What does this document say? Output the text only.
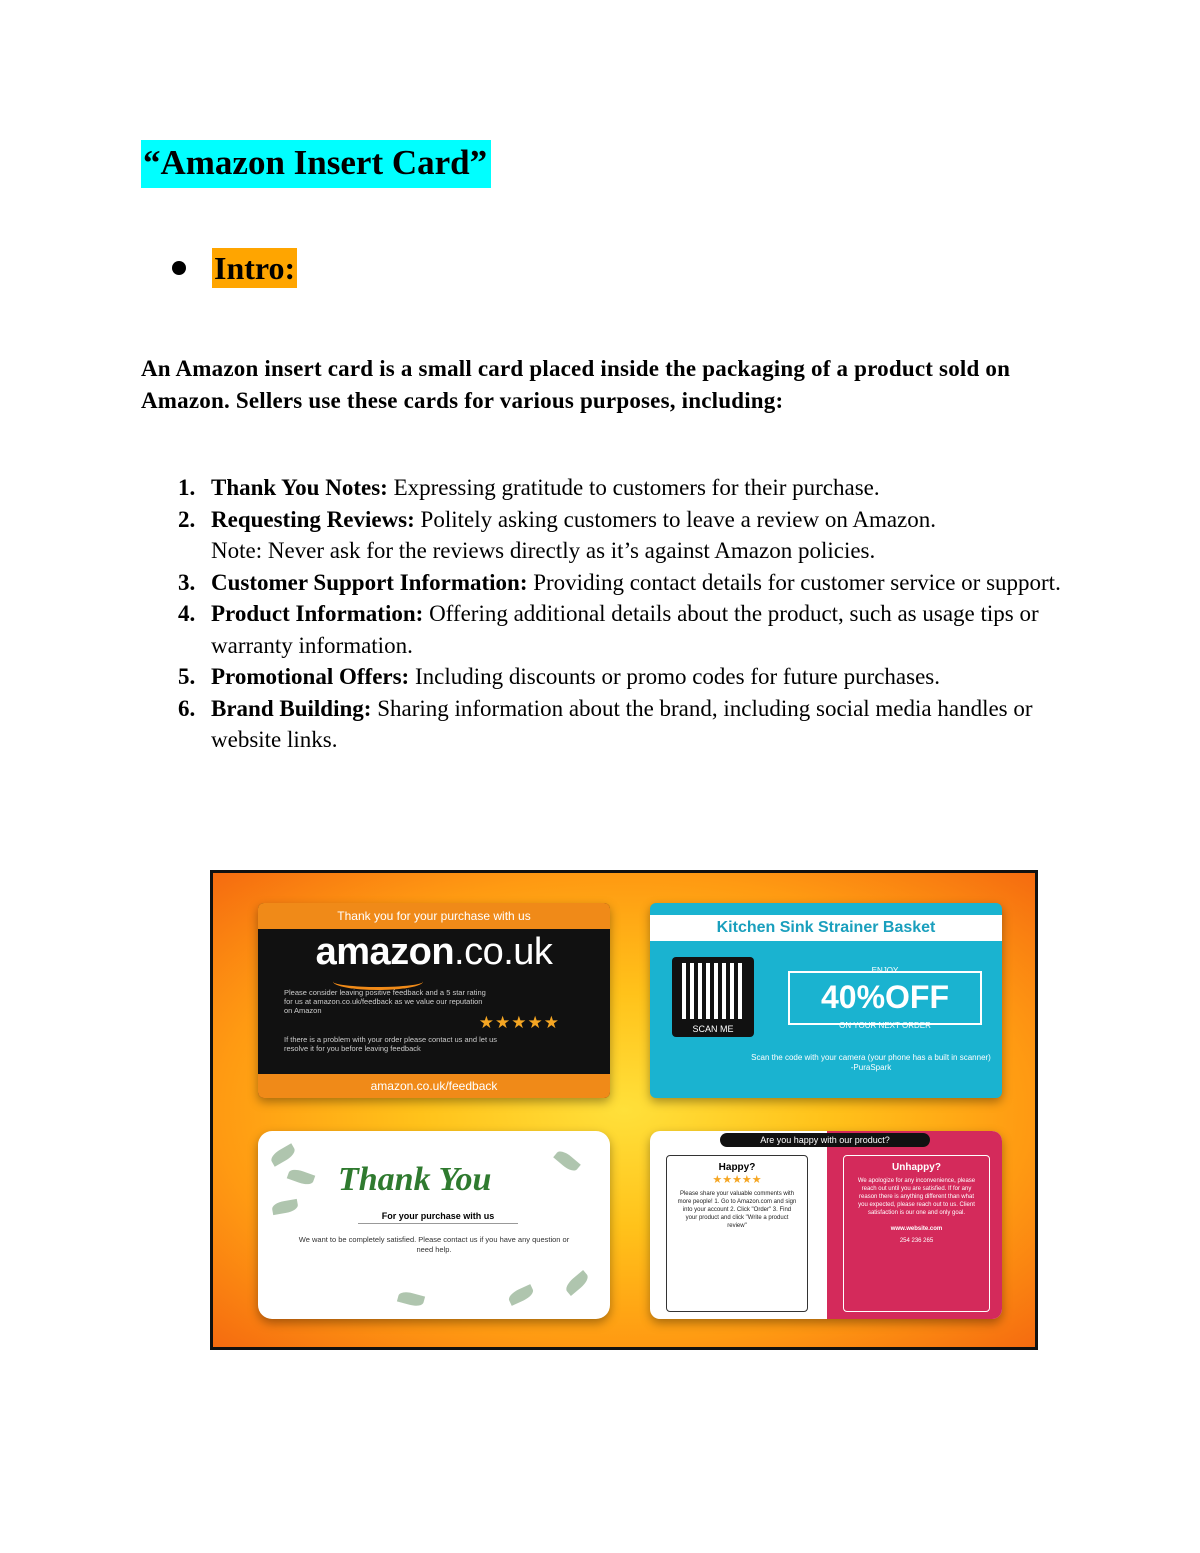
“Amazon Insert Card”
Intro:

An Amazon insert card is a small card placed inside the packaging of a product sold on Amazon. Sellers use these cards for various purposes, including:

1. Thank You Notes: Expressing gratitude to customers for their purchase.
2. Requesting Reviews: Politely asking customers to leave a review on Amazon.
Note: Never ask for the reviews directly as it’s against Amazon policies.
3. Customer Support Information: Providing contact details for customer service or support.
4. Product Information: Offering additional details about the product, such as usage tips or warranty information.
5. Promotional Offers: Including discounts or promo codes for future purchases.
6. Brand Building: Sharing information about the brand, including social media handles or website links.
Thank you for your purchase with us
amazon.co.uk
Please consider leaving positive feedback and a 5 star rating for us at amazon.co.uk/feedback as we value our reputation on Amazon
★★★★★
If there is a problem with your order please contact us and let us resolve it for you before leaving feedback
amazon.co.uk/feedback
Kitchen Sink Strainer Basket
SCAN ME
ENJOY
40%OFF
ON YOUR NEXT ORDER
Scan the code with your camera (your phone has a built in scanner) -PuraSpark
Thank You
For your purchase with us
We want to be completely satisfied. Please contact us if you have any question or need help.
Are you happy with our product?
Happy?
★★★★★
Please share your valuable comments with more people! 1. Go to Amazon.com and sign into your account 2. Click "Order" 3. Find your product and click "Write a product review"
Unhappy?
We apologize for any inconvenience, please reach out until you are satisfied. If for any reason there is anything different than what you expected, please reach out to us. Client satisfaction is our one and only goal.
www.website.com
254 236 265
